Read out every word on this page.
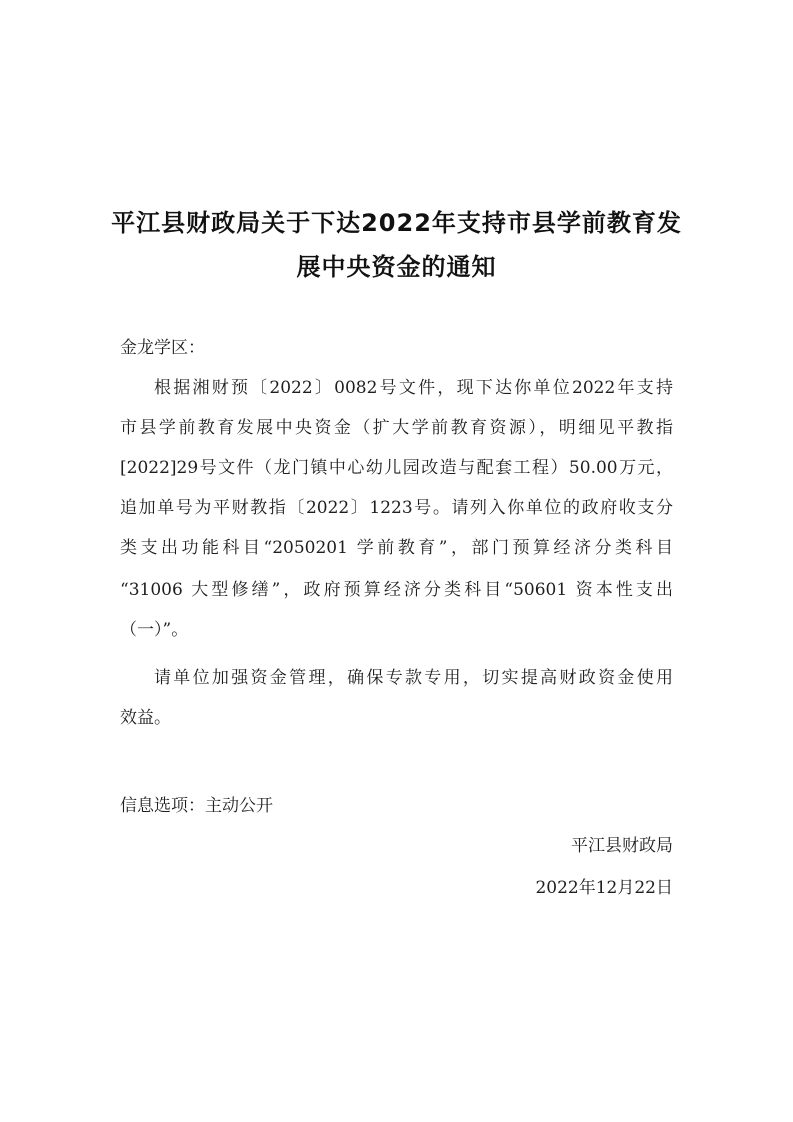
平江县财政局关于下达2022年支持市县学前教育发
展中央资金的通知

金龙学区：

根据湘财预〔2022〕0082号文件，现下达你单位2022年支持

市县学前教育发展中央资金（扩大学前教育资源），明细见平教指

[2022]29号文件（龙门镇中心幼儿园改造与配套工程）50.00万元，

追加单号为平财教指〔2022〕1223号。请列入你单位的政府收支分

类支出功能科目“2050201 学前教育”，部门预算经济分类科目

“31006 大型修缮”，政府预算经济分类科目“50601 资本性支出

（一）”。

请单位加强资金管理，确保专款专用，切实提高财政资金使用

效益。

信息选项：主动公开

平江县财政局

2022年12月22日
